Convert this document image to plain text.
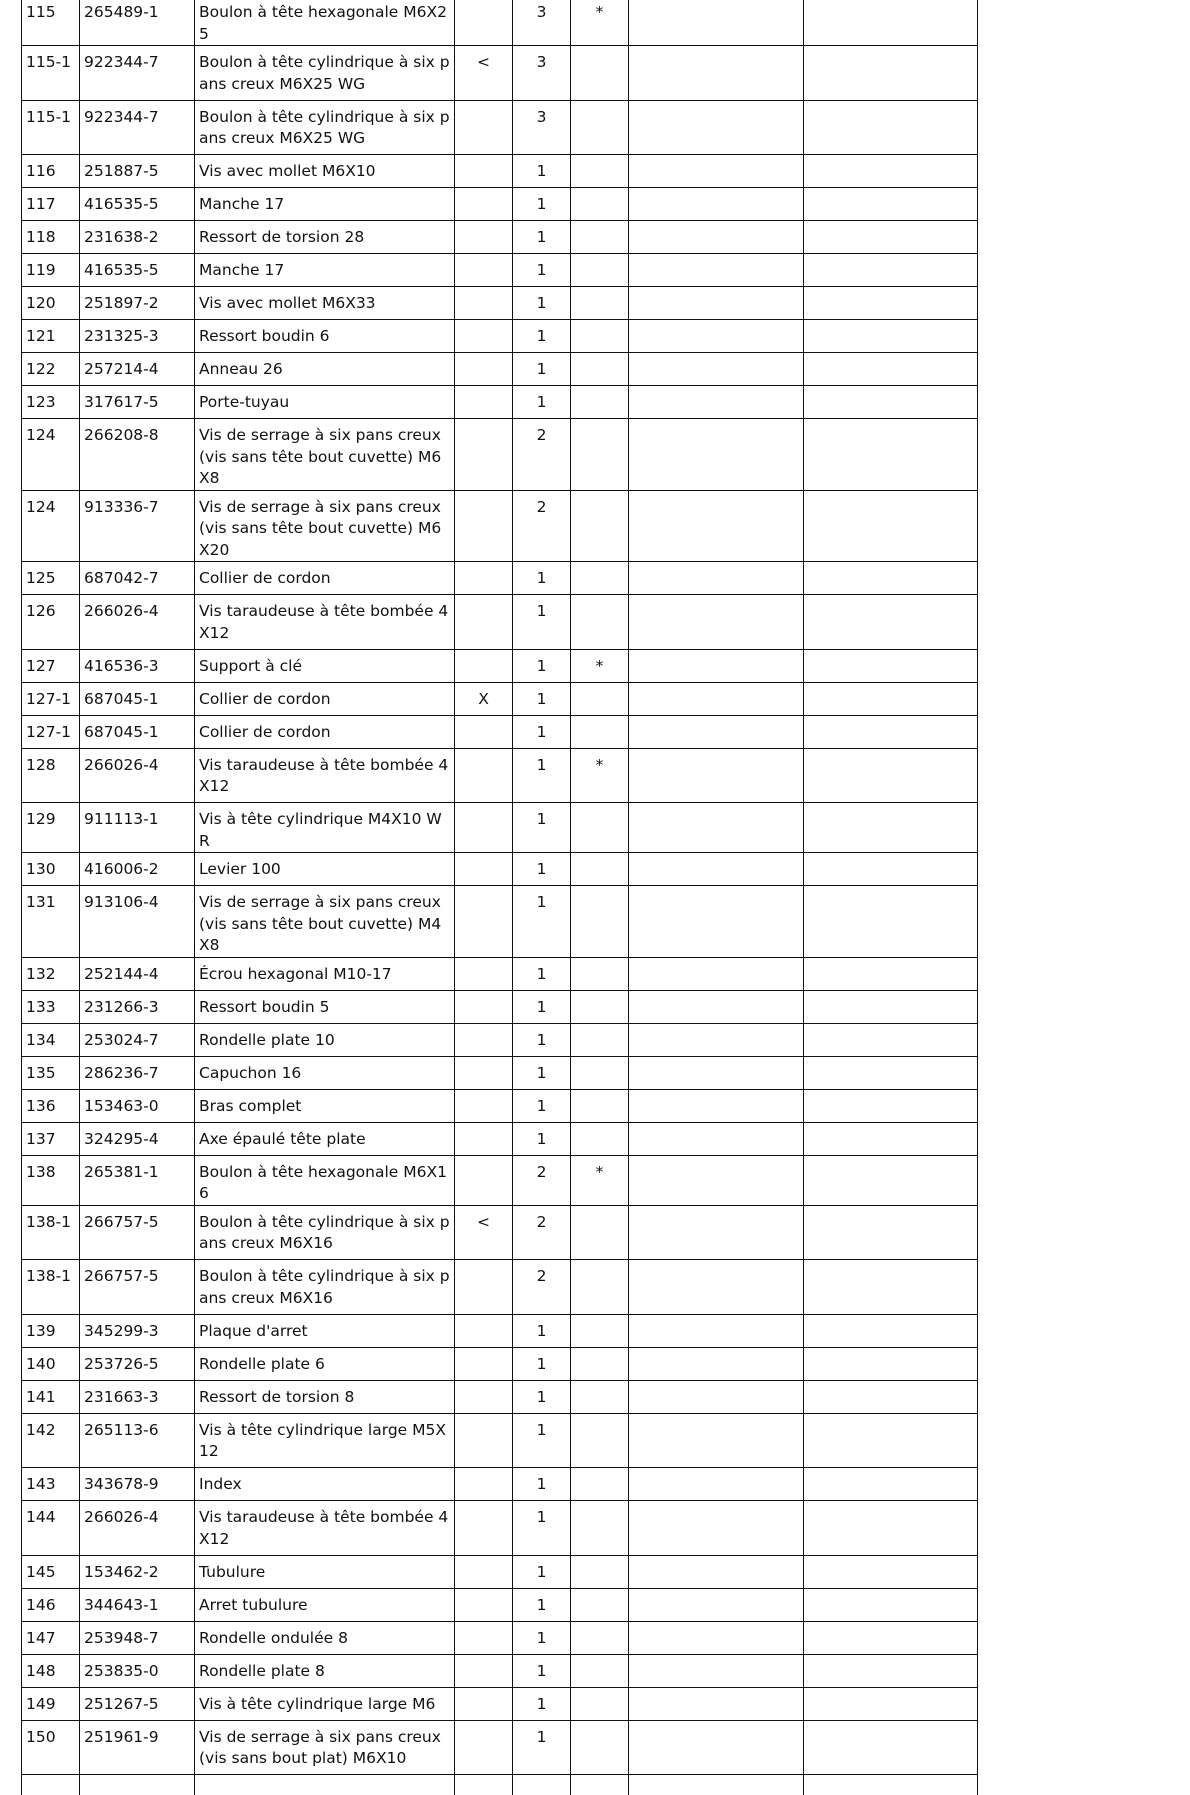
115	265489-1	Boulon à tête hexagonale M6X25		3	*		
115-1	922344-7	Boulon à tête cylindrique à six pans creux M6X25 WG	<	3			
115-1	922344-7	Boulon à tête cylindrique à six pans creux M6X25 WG		3			
116	251887-5	Vis avec mollet M6X10		1			
117	416535-5	Manche 17		1			
118	231638-2	Ressort de torsion 28		1			
119	416535-5	Manche 17		1			
120	251897-2	Vis avec mollet M6X33		1			
121	231325-3	Ressort boudin 6		1			
122	257214-4	Anneau 26		1			
123	317617-5	Porte-tuyau		1			
124	266208-8	Vis de serrage à six pans creux (vis sans tête bout cuvette) M6X8		2			
124	913336-7	Vis de serrage à six pans creux (vis sans tête bout cuvette) M6X20		2			
125	687042-7	Collier de cordon		1			
126	266026-4	Vis taraudeuse à tête bombée 4X12		1			
127	416536-3	Support à clé		1	*		
127-1	687045-1	Collier de cordon	X	1			
127-1	687045-1	Collier de cordon		1			
128	266026-4	Vis taraudeuse à tête bombée 4X12		1	*		
129	911113-1	Vis à tête cylindrique M4X10 WR		1			
130	416006-2	Levier 100		1			
131	913106-4	Vis de serrage à six pans creux (vis sans tête bout cuvette) M4X8		1			
132	252144-4	Écrou hexagonal M10-17		1			
133	231266-3	Ressort boudin 5		1			
134	253024-7	Rondelle plate 10		1			
135	286236-7	Capuchon 16		1			
136	153463-0	Bras complet		1			
137	324295-4	Axe épaulé tête plate		1			
138	265381-1	Boulon à tête hexagonale M6X16		2	*		
138-1	266757-5	Boulon à tête cylindrique à six pans creux M6X16	<	2			
138-1	266757-5	Boulon à tête cylindrique à six pans creux M6X16		2			
139	345299-3	Plaque d'arret		1			
140	253726-5	Rondelle plate 6		1			
141	231663-3	Ressort de torsion 8		1			
142	265113-6	Vis à tête cylindrique large M5X12		1			
143	343678-9	Index		1			
144	266026-4	Vis taraudeuse à tête bombée 4X12		1			
145	153462-2	Tubulure		1			
146	344643-1	Arret tubulure		1			
147	253948-7	Rondelle ondulée 8		1			
148	253835-0	Rondelle plate 8		1			
149	251267-5	Vis à tête cylindrique large M6		1			
150	251961-9	Vis de serrage à six pans creux (vis sans bout plat) M6X10		1			
